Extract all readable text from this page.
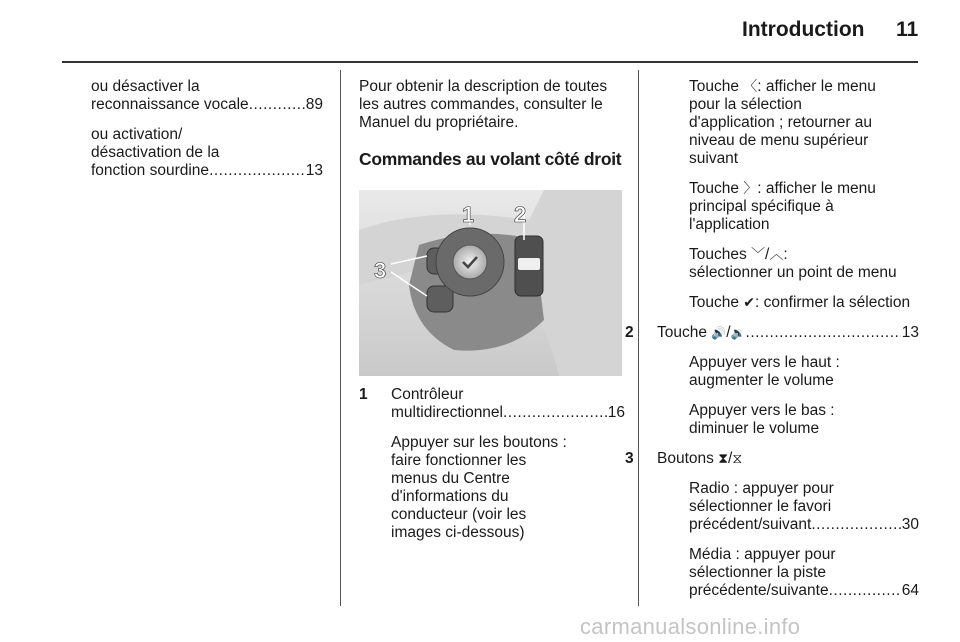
Introduction 11

ou désactiver la
reconnaissance vocale .....	89

ou activation/
désactivation de la
fonction sourdine .....	13

Pour obtenir la description de toutes
les autres commandes, consulter le
Manuel du propriétaire.

Commandes au volant côté droit
1 2
3
1 Contrôleur
multidirectionnel .....	16
Appuyer sur les boutons :
faire fonctionner les
menus du Centre
d'informations du
conducteur (voir les
images ci-dessous)
Touche
〈 : afficher le menu
pour la sélection
d'application ; retourner au
niveau de menu supérieur
suivant
Touche
〉 : afficher le menu
principal spécifique à
l'application
Touches
﹀ / ︿ :
sélectionner un point de menu
Touche
✔ : confirmer la sélection
2 Touche
🔊 / 🔉 .....	13
Appuyer vers le haut :
augmenter le volume
Appuyer vers le bas :
diminuer le volume
3 Boutons
⧗ / ⧖
Radio : appuyer pour
sélectionner le favori
précédent/suivant .....	30
Média : appuyer pour
sélectionner la piste
précédente/suivante .....	64
carmanualsonline.info
